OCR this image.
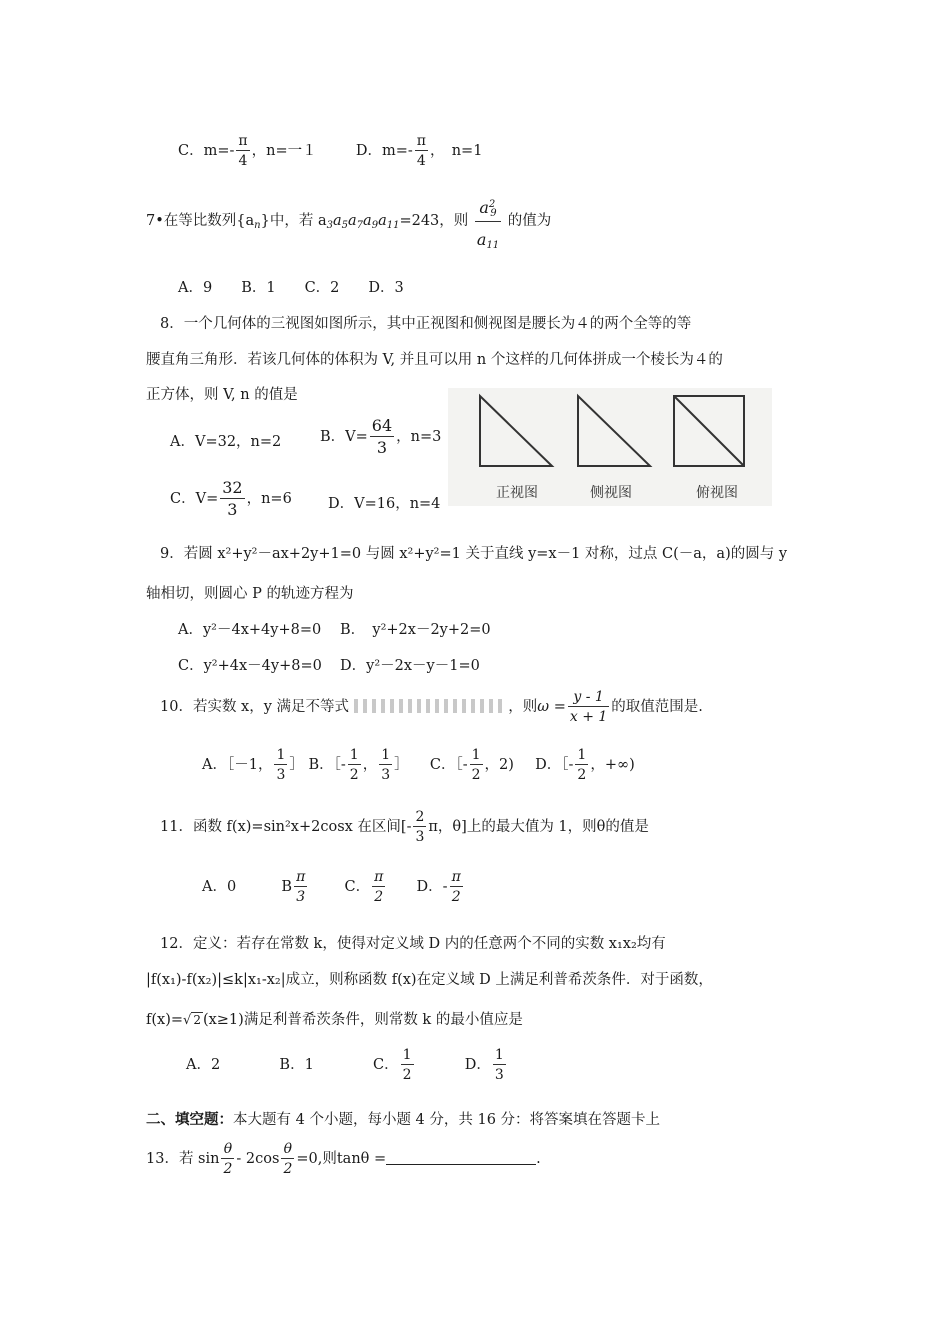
C．$m=- \frac{\pi}{4}$ ，n=一１	D．$m=- \frac{\pi}{4}$ ，　n=1
7•在等比数列$\{a_n\}$中，若 $a_3a_5a_7a_9a_{11}=243$，则 $\frac{a^2_9}{a_{11}}$ 的值为
A．9　　B．1　　C．2　　D．3
8．一个几何体的三视图如图所示，其中正视图和侧视图是腰长为４的两个全等的等
腰直角三角形．若该几何体的体积为 V, 并且可以用 n 个这样的几何体拼成一个棱长为４的
正方体，则 V, n 的值是
A．V=32，n=2	B．$V= \frac{64}{3}$ ，n=3
C．$V= \frac{32}{3}$ ，n=6 D．V=16，n=4
正视图	侧视图	俯视图
9．若圆 x²+y²－ax+2y+1=0 与圆 x²+y²=1 关于直线 y=x－1 对称，过点 C(－a，a)的圆与 y
轴相切，则圆心 P 的轨迹方程为
A．y²－4x+4y+8=0 B．　y²+2x－2y+2=0
C．y²+4x－4y+8=0 D．y²－2x－y－1=0
10．若实数 x，y 满足不等式	，则$\omega = \frac{y - 1}{x + 1}$ 的取值范围是.
A．［－1， $\frac{1}{3}$ ］ B．［- $\frac{1}{2}$ ， $\frac{1}{3}$ ］ C．［- $\frac{1}{2}$ ，2) D．［- $\frac{1}{2}$ ，+∞)
11．函数 f(x)=sin²x+2cosx 在区间[- $\frac{2}{3}$ π，θ]上的最大值为 1，则θ的值是
A．0	B $\frac{\pi}{3}$	C． $\frac{\pi}{2}$ D．- $\frac{\pi}{2}$
12．定义：若存在常数 k，使得对定义域 D 内的任意两个不同的实数 x₁x₂均有
|f(x₁)-f(x₂)|≤k|x₁-x₂|成立，则称函数 f(x)在定义域 D 上满足利普希茨条件．对于函数，
f(x)=√ 2 (x≥1)满足利普希茨条件，则常数 k 的最小值应是
A．2	B．1	C． $\frac{1}{2}$	D． $\frac{1}{3}$
二、填空题：本大题有 4 个小题，每小题 4 分，共 16 分：将答案填在答题卡上
13．若 $\sin \frac{\theta}{2} - 2\cos \frac{\theta}{2} =0$,则tanθ =	.
